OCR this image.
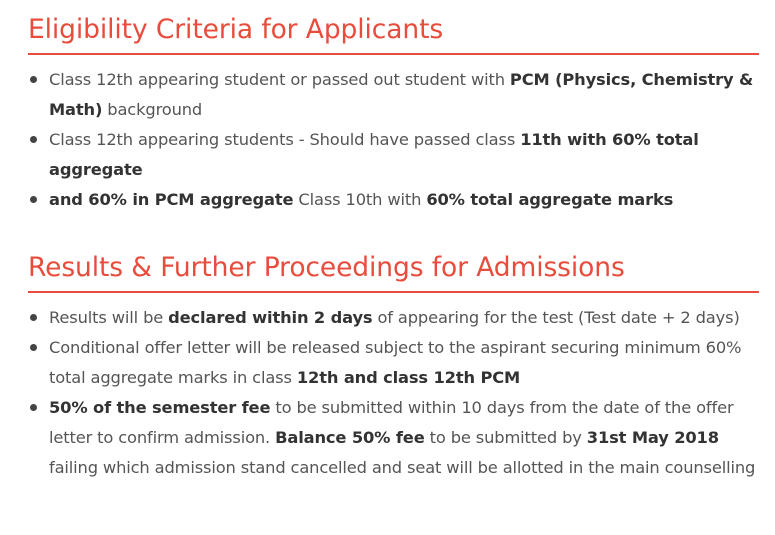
Eligibility Criteria for Applicants
Class 12th appearing student or passed out student with PCM (Physics, Chemistry & Math) background
Class 12th appearing students - Should have passed class 11th with 60% total aggregate
and 60% in PCM aggregate Class 10th with 60% total aggregate marks
Results & Further Proceedings for Admissions
Results will be declared within 2 days of appearing for the test (Test date + 2 days)
Conditional offer letter will be released subject to the aspirant securing minimum 60% total aggregate marks in class 12th and class 12th PCM
50% of the semester fee to be submitted within 10 days from the date of the offer letter to confirm admission. Balance 50% fee to be submitted by 31st May 2018 failing which admission stand cancelled and seat will be allotted in the main counselling
